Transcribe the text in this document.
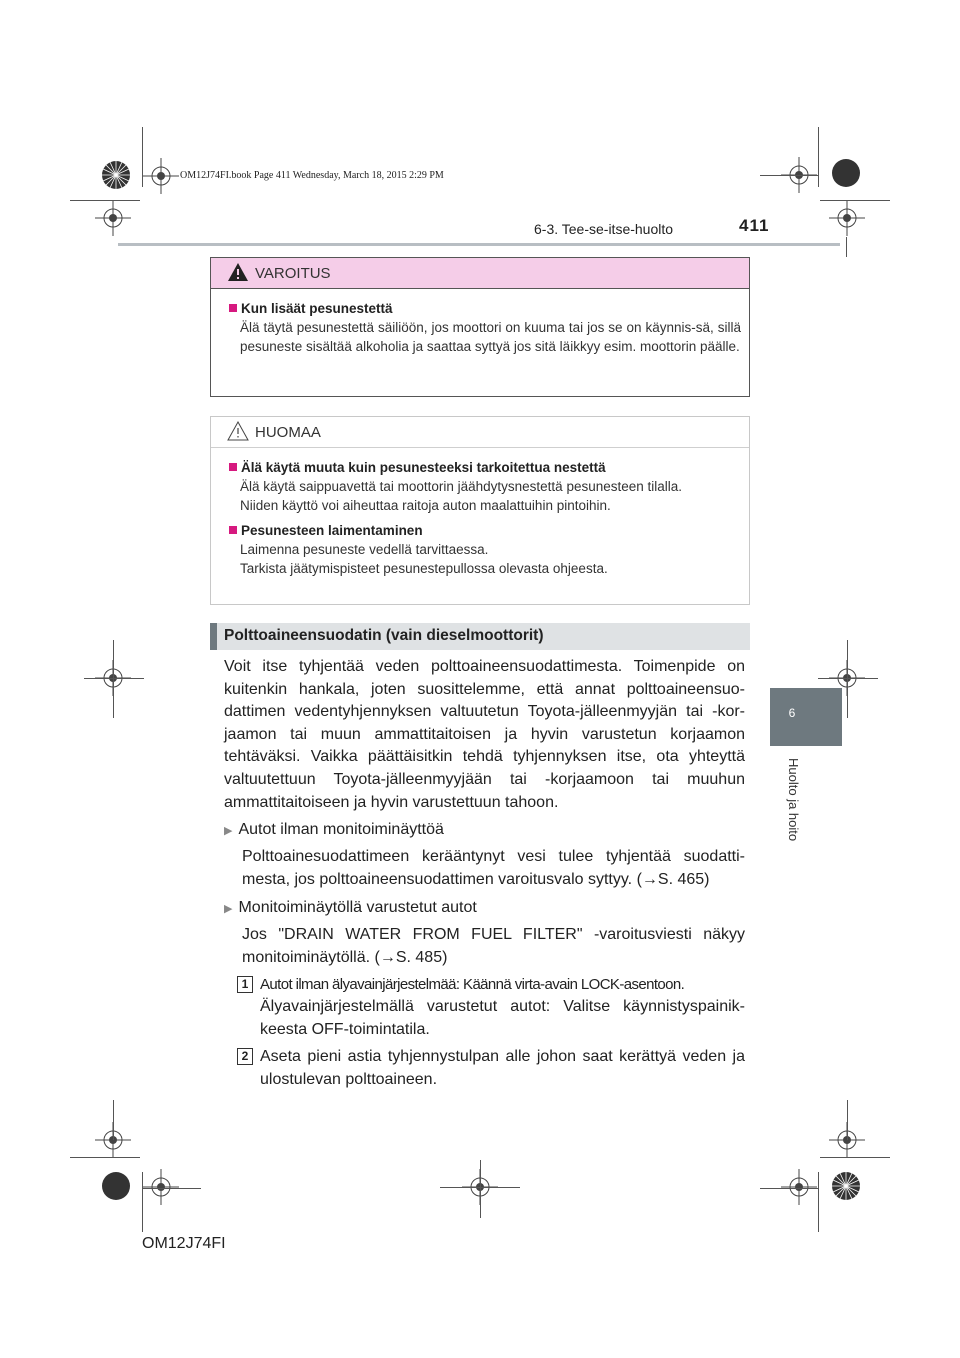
OM12J74FI.book Page 411 Wednesday, March 18, 2015 2:29 PM
6-3. Tee-se-itse-huolto	411
6
Huolto ja hoito
VAROITUS
Kun lisäät pesunestettä
Älä täytä pesunestettä säiliöön, jos moottori on kuuma tai jos se on käynnis-sä, sillä pesuneste sisältää alkoholia ja saattaa syttyä jos sitä läikkyy esim. moottorin päälle.
HUOMAA
Älä käytä muuta kuin pesunesteeksi tarkoitettua nestettä
Älä käytä saippuavettä tai moottorin jäähdytysnestettä pesunesteen tilalla.
Niiden käyttö voi aiheuttaa raitoja auton maalattuihin pintoihin.
Pesunesteen laimentaminen
Laimenna pesuneste vedellä tarvittaessa.
Tarkista jäätymispisteet pesunestepullossa olevasta ohjeesta.
Polttoaineensuodatin (vain dieselmoottorit)
Voit itse tyhjentää veden polttoaineensuodattimesta. Toimenpide on kuitenkin hankala, joten suosittelemme, että annat polttoaineensuo-dattimen vedentyhjennyksen valtuutetun Toyota-jälleenmyyjän tai -kor-jaamon tai muun ammattitaitoisen ja hyvin varustetun korjaamon tehtäväksi. Vaikka päättäisitkin tehdä tyhjennyksen itse, ota yhteyttä valtuutettuun Toyota-jälleenmyyjään tai -korjaamoon tai muuhun ammattitaitoiseen ja hyvin varustettuun tahoon.
▶ Autot ilman monitoiminäyttöä
Polttoainesuodattimeen kerääntynyt vesi tulee tyhjentää suodatti-mesta, jos polttoaineensuodattimen varoitusvalo syttyy. (→S. 465)
▶ Monitoiminäytöllä varustetut autot
Jos "DRAIN WATER FROM FUEL FILTER" -varoitusviesti näkyy monitoiminäytöllä. (→S. 485)
1 Autot ilman älyavainjärjestelmää: Käännä virta-avain LOCK-asentoon.
Älyavainjärjestelmällä varustetut autot: Valitse käynnistyspainik-keesta OFF-toimintatila.
2 Aseta pieni astia tyhjennystulpan alle johon saat kerättyä veden ja ulostulevan polttoaineen.
OM12J74FI
